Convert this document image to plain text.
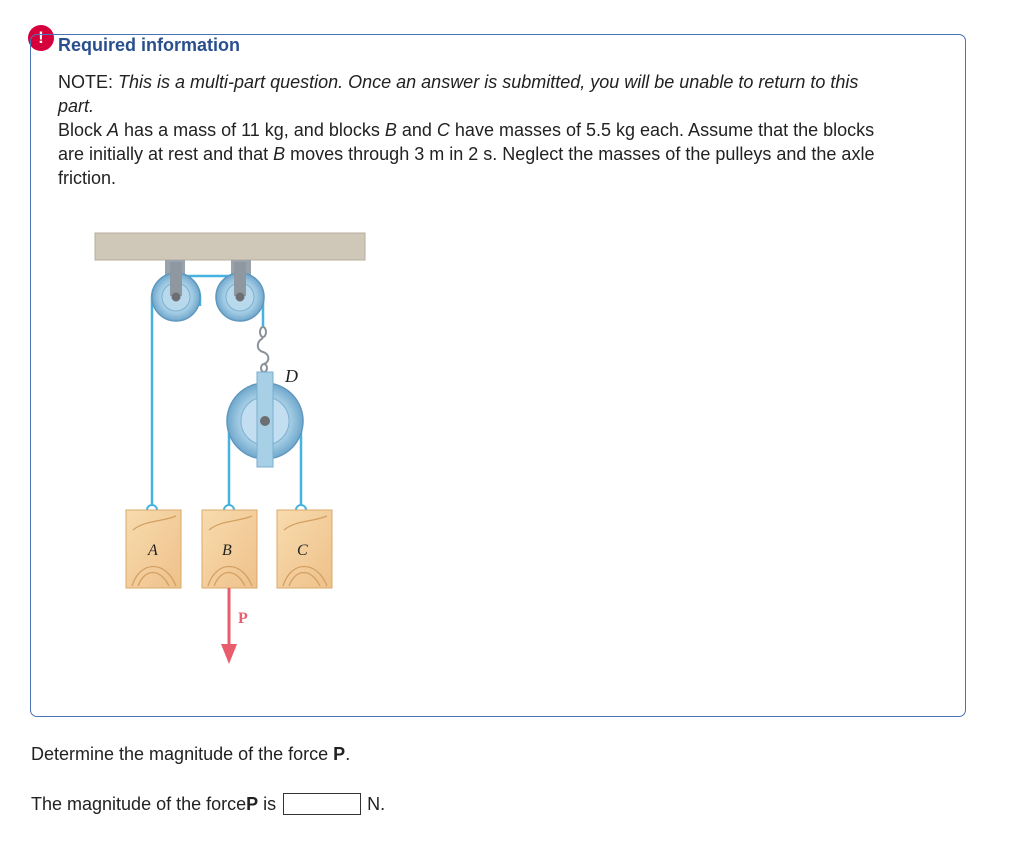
! Required information

NOTE: This is a multi-part question. Once an answer is submitted, you will be unable to return to this part.

Block A has a mass of 11 kg, and blocks B and C have masses of 5.5 kg each. Assume that the blocks are initially at rest and that B moves through 3 m in 2 s. Neglect the masses of the pulleys and the axle friction.

D
A	B	C
P
Determine the magnitude of the force P.
The magnitude of the force P is	N.
